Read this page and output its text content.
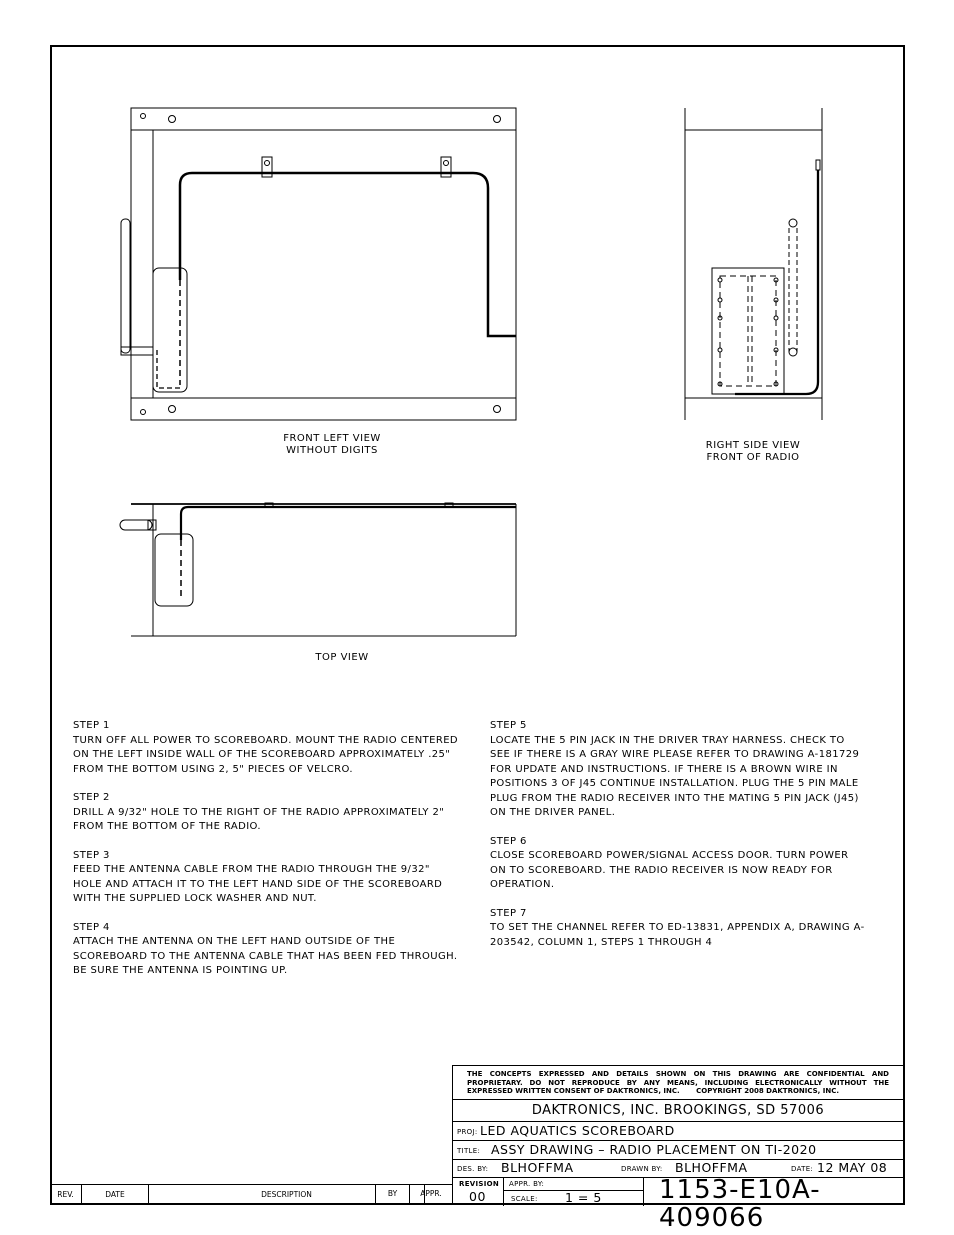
FRONT LEFT VIEW
WITHOUT DIGITS	RIGHT SIDE VIEW
FRONT OF RADIO
TOP VIEW
STEP 1
TURN OFF ALL POWER TO SCOREBOARD. MOUNT THE RADIO CENTERED ON THE LEFT INSIDE WALL OF THE SCOREBOARD APPROXIMATELY .25" FROM THE BOTTOM USING 2, 5" PIECES OF VELCRO.
STEP 2
DRILL A 9/32" HOLE TO THE RIGHT OF THE RADIO APPROXIMATELY 2" FROM THE BOTTOM OF THE RADIO.
STEP 3
FEED THE ANTENNA CABLE FROM THE RADIO THROUGH THE 9/32" HOLE AND ATTACH IT TO THE LEFT HAND SIDE OF THE SCOREBOARD WITH THE SUPPLIED LOCK WASHER AND NUT.
STEP 4
ATTACH THE ANTENNA ON THE LEFT HAND OUTSIDE OF THE SCOREBOARD TO THE ANTENNA CABLE THAT HAS BEEN FED THROUGH. BE SURE THE ANTENNA IS POINTING UP.
STEP 5
LOCATE THE 5 PIN JACK IN THE DRIVER TRAY HARNESS. CHECK TO SEE IF THERE IS A GRAY WIRE PLEASE REFER TO DRAWING A-181729 FOR UPDATE AND INSTRUCTIONS. IF THERE IS A BROWN WIRE IN POSITIONS 3 OF J45 CONTINUE INSTALLATION. PLUG THE 5 PIN MALE PLUG FROM THE RADIO RECEIVER INTO THE MATING 5 PIN JACK (J45) ON THE DRIVER PANEL.
STEP 6
CLOSE SCOREBOARD POWER/SIGNAL ACCESS DOOR. TURN POWER ON TO SCOREBOARD. THE RADIO RECEIVER IS NOW READY FOR OPERATION.
STEP 7
TO SET THE CHANNEL REFER TO ED-13831, APPENDIX A, DRAWING A-203542, COLUMN 1, STEPS 1 THROUGH 4
THE CONCEPTS EXPRESSED AND DETAILS SHOWN ON THIS DRAWING ARE CONFIDENTIAL AND PROPRIETARY. DO NOT REPRODUCE BY ANY MEANS, INCLUDING ELECTRONICALLY WITHOUT THE EXPRESSED WRITTEN CONSENT OF DAKTRONICS, INC. COPYRIGHT 2008 DAKTRONICS, INC.
DAKTRONICS, INC. BROOKINGS, SD 57006
PROJ: LED AQUATICS SCOREBOARD
TITLE: ASSY DRAWING – RADIO PLACEMENT ON TI-2020
DES. BY: BLHOFFMA	DRAWN BY: BLHOFFMA	DATE: 12 MAY 08
REVISION
00
APPR. BY:
SCALE: 1 = 5 1153-E10A-409066
REV.	DATE	DESCRIPTION	BY	APPR.
